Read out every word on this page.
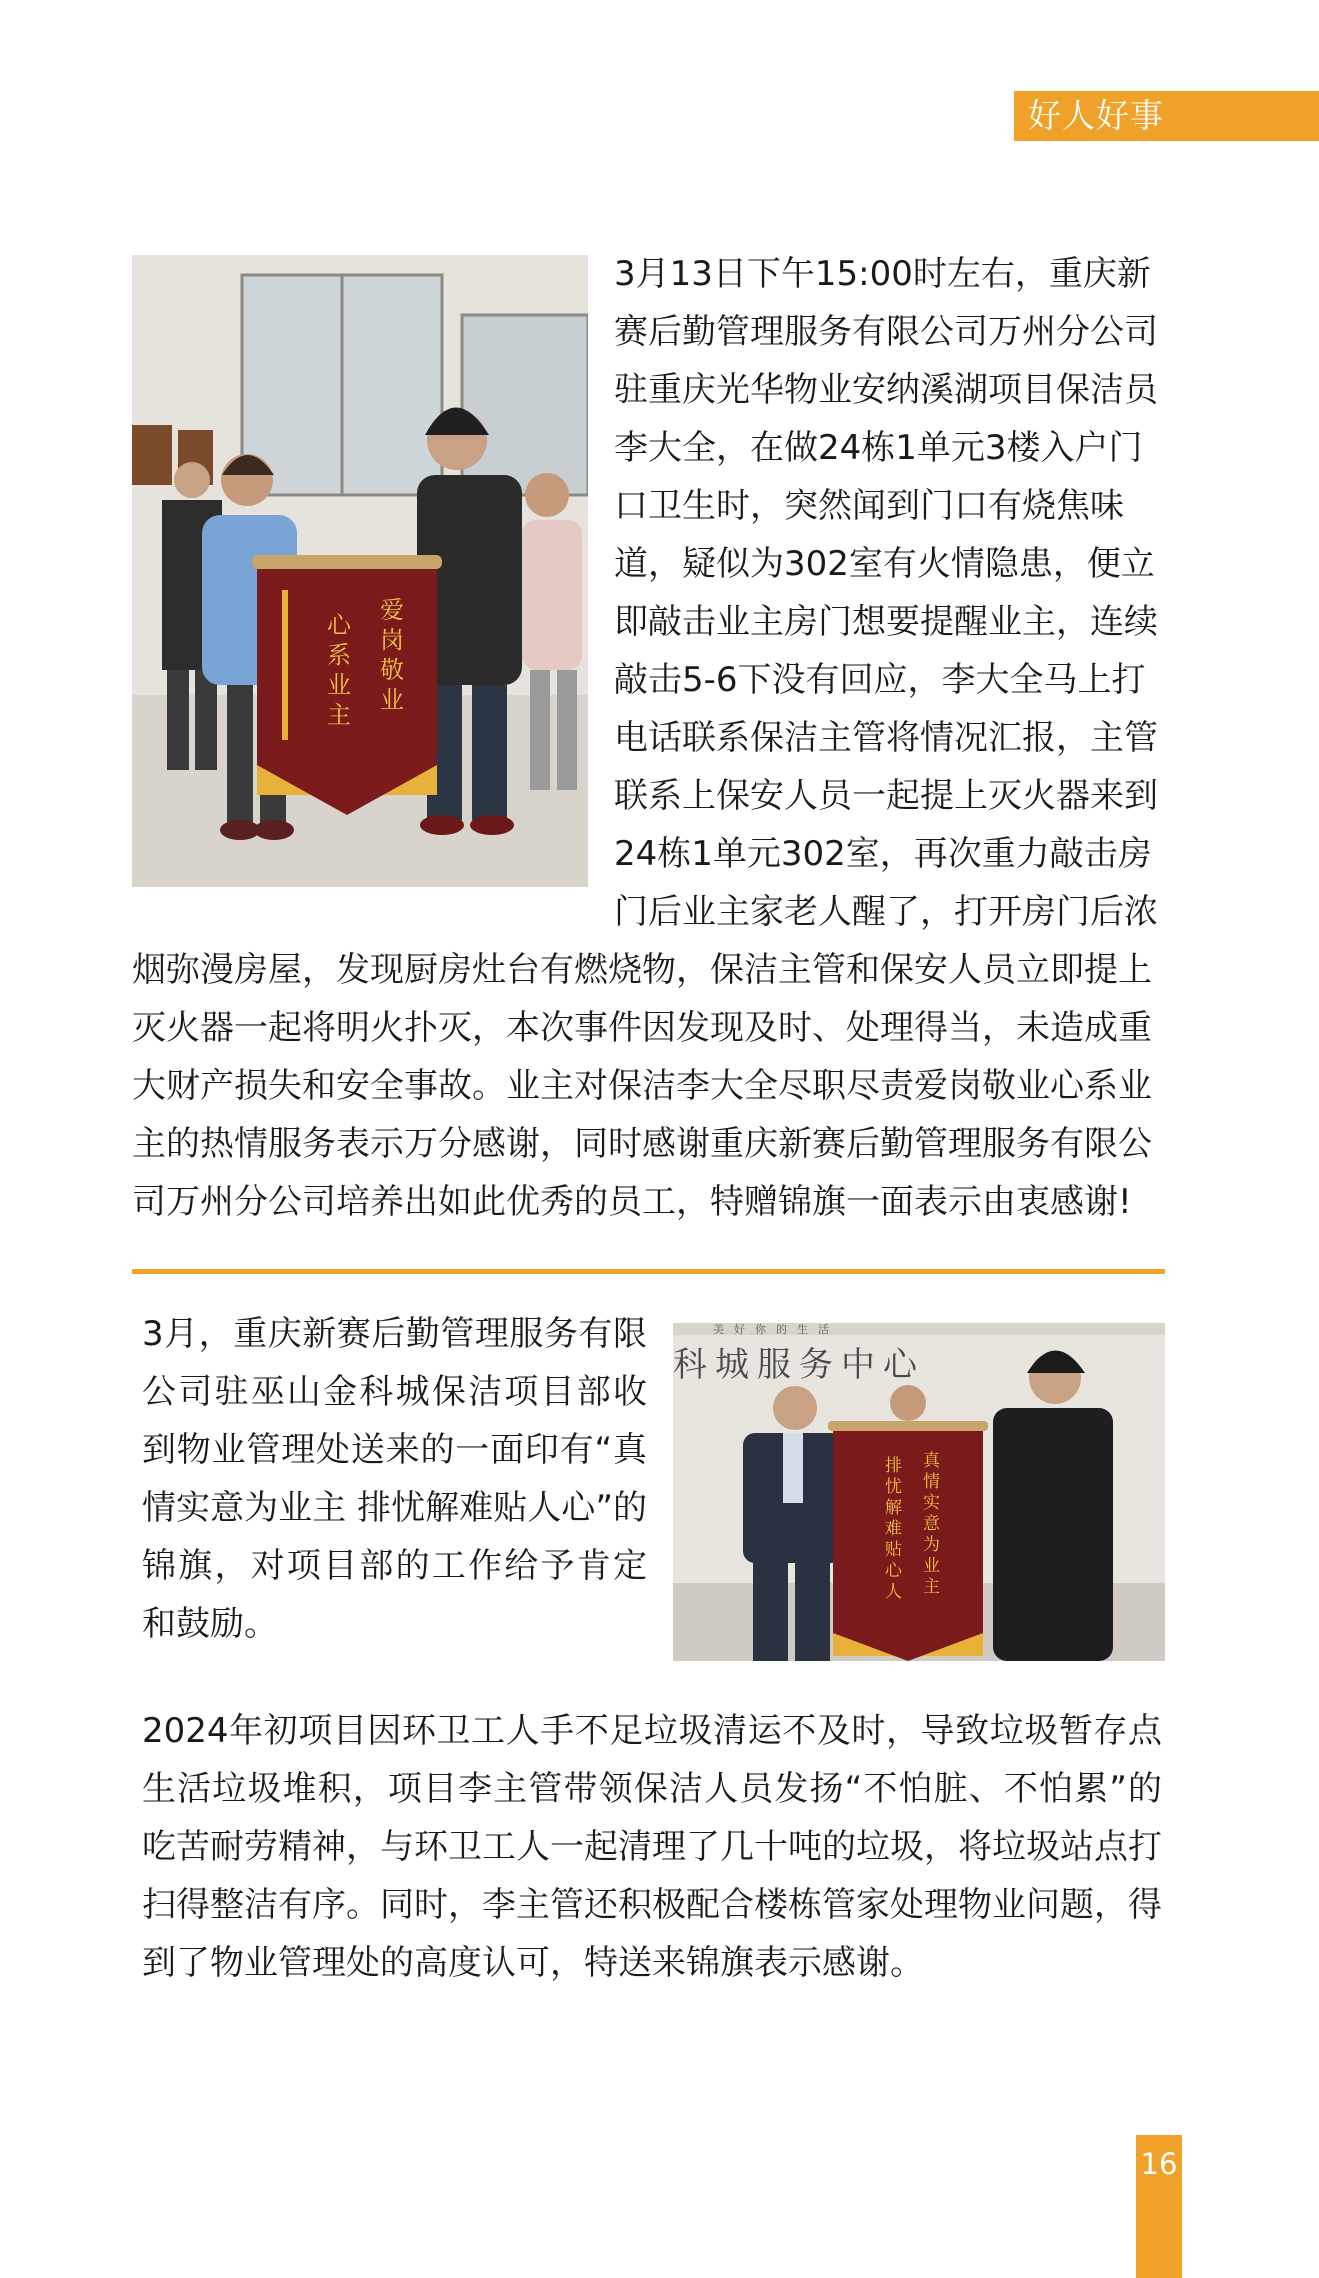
好人好事
爱岗敬业
心系业主
3月13日下午15:00时左右，重庆新赛后勤管理服务有限公司万州分公司驻重庆光华物业安纳溪湖项目保洁员李大全，在做24栋1单元3楼入户门口卫生时，突然闻到门口有烧焦味道，疑似为302室有火情隐患，便立即敲击业主房门想要提醒业主，连续敲击5-6下没有回应，李大全马上打电话联系保洁主管将情况汇报，主管联系上保安人员一起提上灭火器来到24栋1单元302室，再次重力敲击房门后业主家老人醒了，打开房门后浓烟弥漫房屋，发现厨房灶台有燃烧物，保洁主管和保安人员立即提上灭火器一起将明火扑灭，本次事件因发现及时、处理得当，未造成重大财产损失和安全事故。业主对保洁李大全尽职尽责爱岗敬业心系业主的热情服务表示万分感谢，同时感谢重庆新赛后勤管理服务有限公司万州分公司培养出如此优秀的员工，特赠锦旗一面表示由衷感谢!

3月，重庆新赛后勤管理服务有限公司驻巫山金科城保洁项目部收到物业管理处送来的一面印有“真情实意为业主 排忧解难贴人心”的锦旗，对项目部的工作给予肯定和鼓励。

科城服务中心
美好你的生活
真情实意为业主
排忧解难贴心人

2024年初项目因环卫工人手不足垃圾清运不及时，导致垃圾暂存点生活垃圾堆积，项目李主管带领保洁人员发扬“不怕脏、不怕累”的吃苦耐劳精神，与环卫工人一起清理了几十吨的垃圾，将垃圾站点打扫得整洁有序。同时，李主管还积极配合楼栋管家处理物业问题，得到了物业管理处的高度认可，特送来锦旗表示感谢。

16
